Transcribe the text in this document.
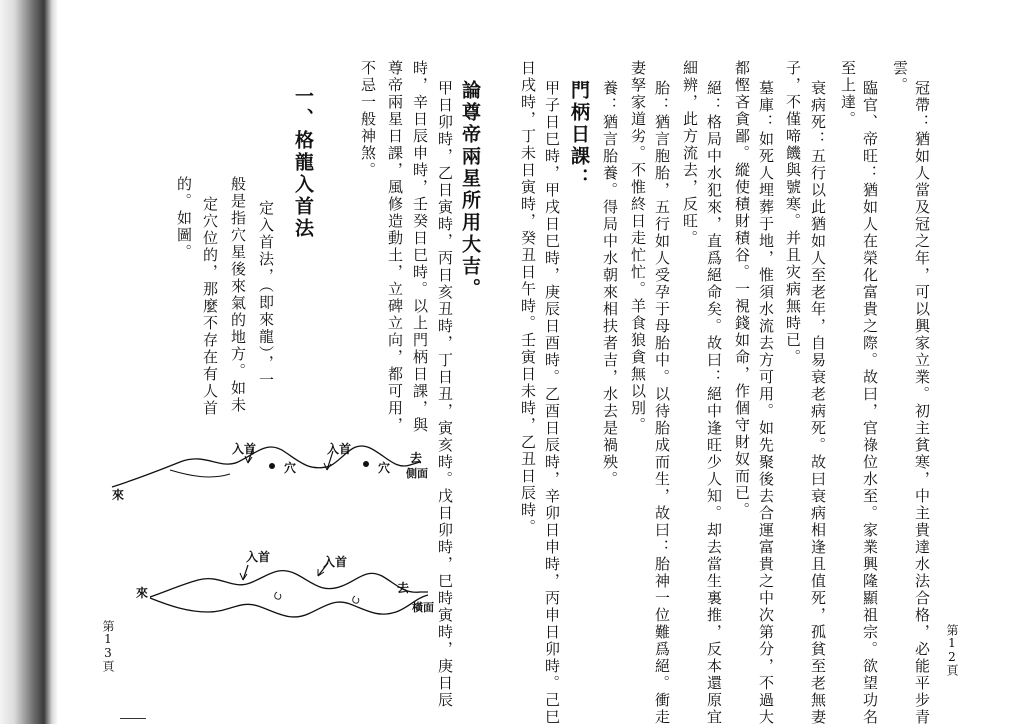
第12頁
冠帶：猶如人當及冠之年，可以興家立業。初主貧寒，中主貴達水法合格，必能平步青
雲。
臨官、帝旺：猶如人在榮化富貴之際。故曰，官祿位水至。家業興隆顯祖宗。欲望功名
至上達。
衰病死：五行以此猶如人至老年，自易衰老病死。故曰衰病相逢且值死，孤貧至老無妻
子，不僅啼饑與號寒。并且灾病無時已。
墓庫：如死人埋葬于地，惟須水流去方可用。如先聚後去合運富貴之中次第分，不過大
都慳吝貪鄙。縱使積財積谷。一視錢如命，作個守財奴而已。
絕：格局中水犯來，直爲絕命矣。故曰：絕中逢旺少人知。却去當生裏推，反本還原宜
細辨，此方流去，反旺。
胎：猶言胞胎，五行如人受孕于母胎中。以待胎成而生，故曰：胎神一位難爲絕。衝走
妻孥家道劣。不惟終日走忙忙。羊食狼貪無以別。
養：猶言胎養。得局中水朝來相扶者吉，水去是禍殃。
門柄日課：
甲子日巳時，甲戌日巳時，庚辰日酉時。乙酉日辰時，辛卯日申時，丙申日卯時。己巳
日戌時，丁未日寅時，癸丑日午時。壬寅日未時，乙丑日辰時。
論尊帝兩星所用大吉。
甲日卯時，乙日寅時，丙日亥丑時，丁日丑，寅亥時。戊日卯時，巳時寅時，庚日辰
時，辛日辰申時，壬癸日巳時。以上門柄日課，與
尊帝兩星日課，風修造動土，立碑立向，都可用，
不忌一般神煞。
一、格龍入首法
定入首法，（即來龍），一
般是指穴星後來氣的地方。如未
定穴位的，那麼不存在有人首
的。如圖。
第13頁
入首	入首
穴	穴
來
去
側面
入首	入首
來	去
橫面
